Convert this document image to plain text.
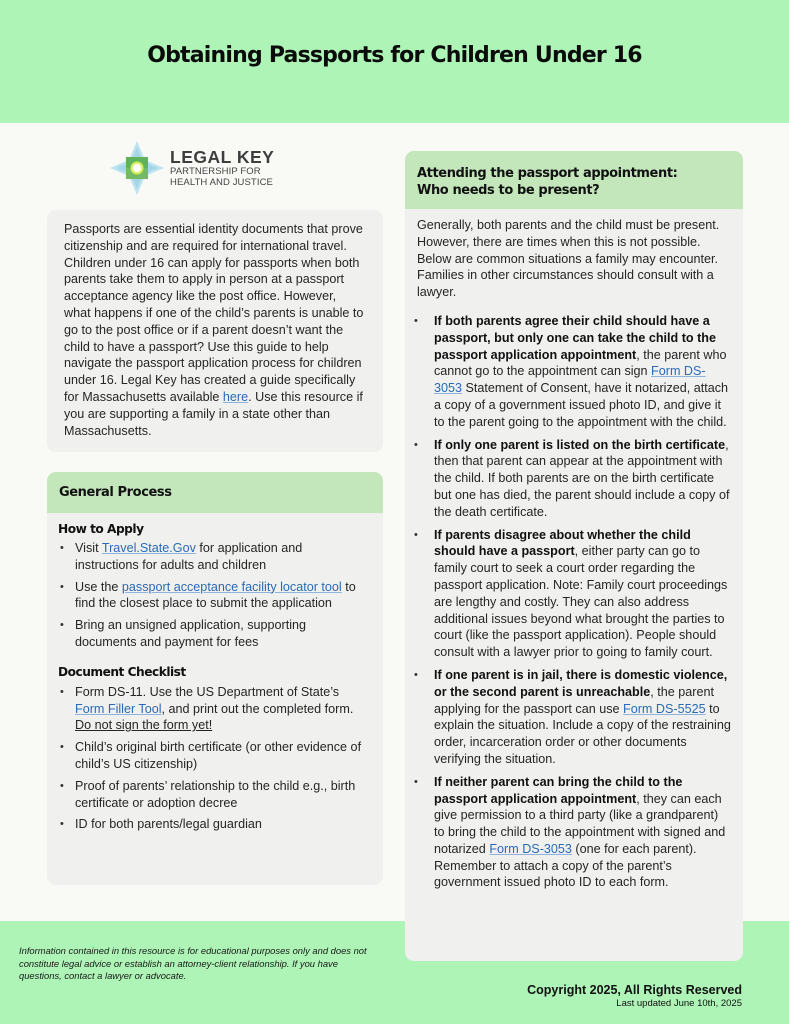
Obtaining Passports for Children Under 16
LEGAL KEY
PARTNERSHIP FOR
HEALTH AND JUSTICE
Passports are essential identity documents that prove citizenship and are required for international travel. Children under 16 can apply for passports when both parents take them to apply in person at a passport acceptance agency like the post office. However, what happens if one of the child’s parents is unable to go to the post office or if a parent doesn’t want the child to have a passport? Use this guide to help navigate the passport application process for children under 16. Legal Key has created a guide specifically for Massachusetts available here. Use this resource if you are supporting a family in a state other than Massachusetts.
General Process
How to Apply
• Visit Travel.State.Gov for application and instructions for adults and children
• Use the passport acceptance facility locator tool to find the closest place to submit the application
• Bring an unsigned application, supporting documents and payment for fees
Document Checklist
• Form DS-11. Use the US Department of State’s Form Filler Tool, and print out the completed form. Do not sign the form yet!
• Child’s original birth certificate (or other evidence of child’s US citizenship)
• Proof of parents’ relationship to the child e.g., birth certificate or adoption decree
• ID for both parents/legal guardian
Attending the passport appointment:
Who needs to be present?
Generally, both parents and the child must be present. However, there are times when this is not possible. Below are common situations a family may encounter. Families in other circumstances should consult with a lawyer.
• If both parents agree their child should have a passport, but only one can take the child to the passport application appointment, the parent who cannot go to the appointment can sign Form DS-3053 Statement of Consent, have it notarized, attach a copy of a government issued photo ID, and give it to the parent going to the appointment with the child.
• If only one parent is listed on the birth certificate, then that parent can appear at the appointment with the child. If both parents are on the birth certificate but one has died, the parent should include a copy of the death certificate.
• If parents disagree about whether the child should have a passport, either party can go to family court to seek a court order regarding the passport application. Note: Family court proceedings are lengthy and costly. They can also address additional issues beyond what brought the parties to court (like the passport application). People should consult with a lawyer prior to going to family court.
• If one parent is in jail, there is domestic violence, or the second parent is unreachable, the parent applying for the passport can use Form DS-5525 to explain the situation. Include a copy of the restraining order, incarceration order or other documents verifying the situation.
• If neither parent can bring the child to the passport application appointment, they can each give permission to a third party (like a grandparent) to bring the child to the appointment with signed and notarized Form DS-3053 (one for each parent). Remember to attach a copy of the parent’s government issued photo ID to each form.
Information contained in this resource is for educational purposes only and does not constitute legal advice or establish an attorney-client relationship. If you have questions, contact a lawyer or advocate.
Copyright 2025, All Rights Reserved
Last updated June 10th, 2025
